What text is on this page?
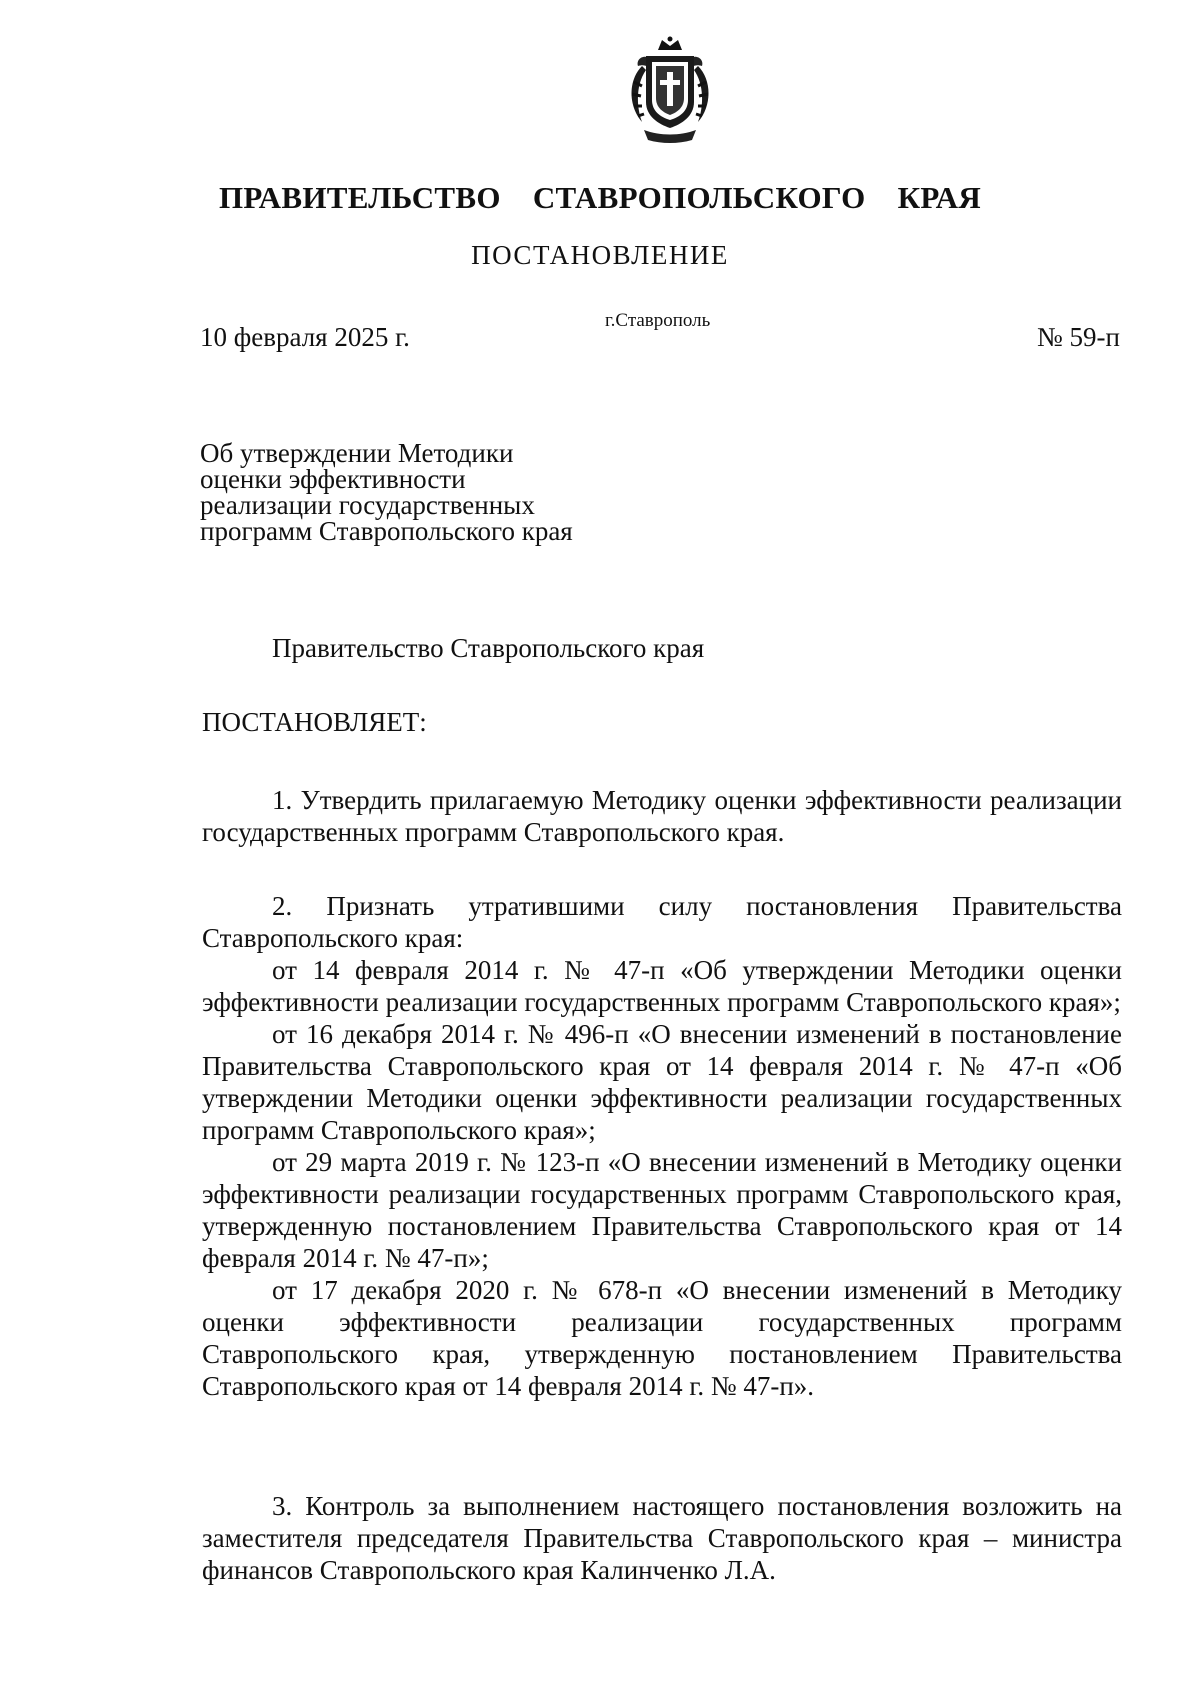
ПРАВИТЕЛЬСТВО СТАВРОПОЛЬСКОГО КРАЯ
ПОСТАНОВЛЕНИЕ
10 февраля 2025 г.
г.Ставрополь
№ 59-п
Об утверждении Методики
оценки эффективности
реализации государственных
программ Ставропольского края

Правительство Ставропольского края

ПОСТАНОВЛЯЕТ:

1. Утвердить прилагаемую Методику оценки эффективности реализации государственных программ Ставропольского края.

2. Признать утратившими силу постановления Правительства Ставропольского края:

от 14 февраля 2014 г. № 47-п «Об утверждении Методики оценки эффективности реализации государственных программ Ставропольского края»;

от 16 декабря 2014 г. № 496-п «О внесении изменений в постановление Правительства Ставропольского края от 14 февраля 2014 г. № 47-п «Об утверждении Методики оценки эффективности реализации государственных программ Ставропольского края»;

от 29 марта 2019 г. № 123-п «О внесении изменений в Методику оценки эффективности реализации государственных программ Ставропольского края, утвержденную постановлением Правительства Ставропольского края от 14 февраля 2014 г. № 47-п»;

от 17 декабря 2020 г. № 678-п «О внесении изменений в Методику оценки эффективности реализации государственных программ Ставропольского края, утвержденную постановлением Правительства Ставропольского края от 14 февраля 2014 г. № 47-п».

3. Контроль за выполнением настоящего постановления возложить на заместителя председателя Правительства Ставропольского края – министра финансов Ставропольского края Калинченко Л.А.
